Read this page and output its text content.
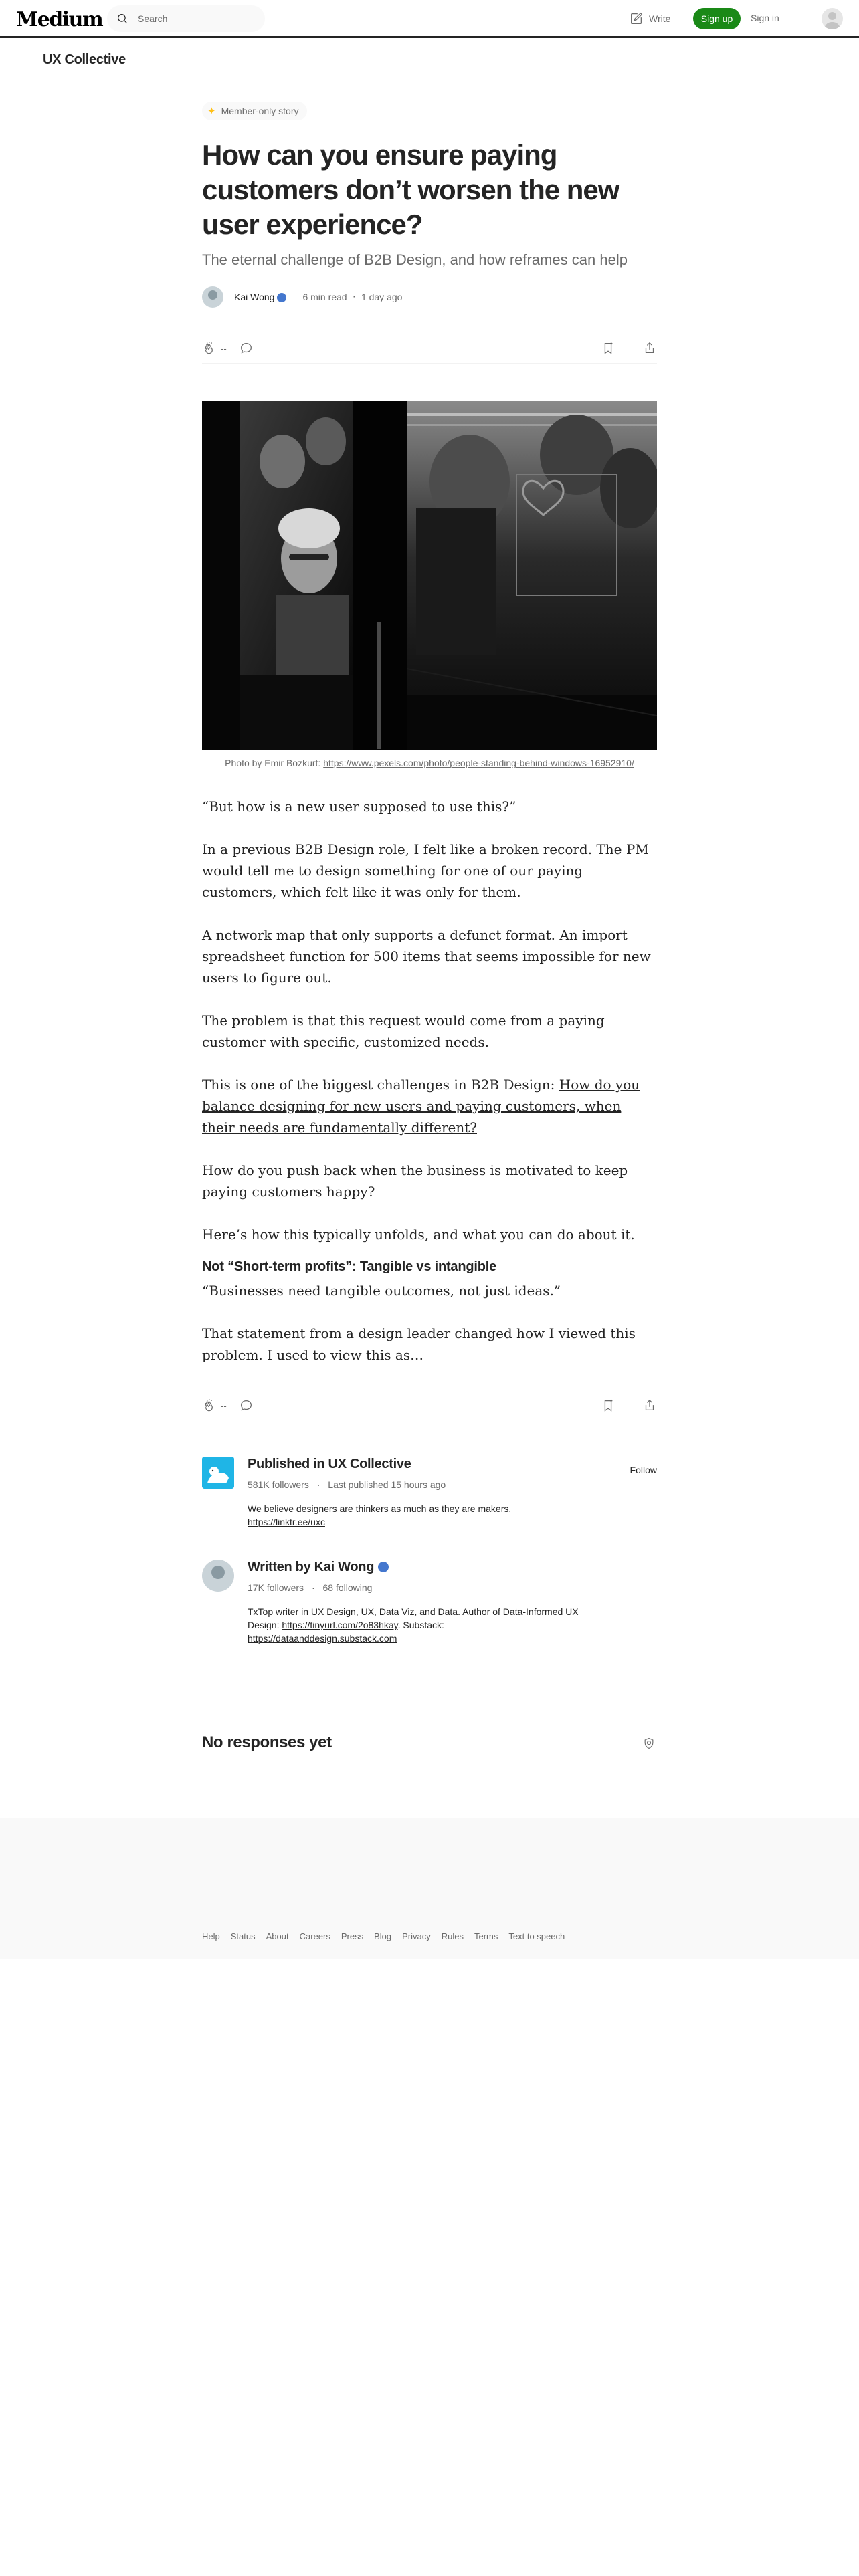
Medium	Search	Write	Sign up	Sign in
UX Collective
✦ Member-only story
How can you ensure paying customers don’t worsen the new user experience?
The eternal challenge of B2B Design, and how reframes can help
Kai Wong	6 min read · 1 day ago
--
Photo by Emir Bozkurt: https://www.pexels.com/photo/people-standing-behind-windows-16952910/

“But how is a new user supposed to use this?”

In a previous B2B Design role, I felt like a broken record. The PM would tell me to design something for one of our paying customers, which felt like it was only for them.

A network map that only supports a defunct format. An import spreadsheet function for 500 items that seems impossible for new users to figure out.

The problem is that this request would come from a paying customer with specific, customized needs.

This is one of the biggest challenges in B2B Design: How do you balance designing for new users and paying customers, when their needs are fundamentally different?

How do you push back when the business is motivated to keep paying customers happy?

Here’s how this typically unfolds, and what you can do about it.

Not “Short-term profits”: Tangible vs intangible

“Businesses need tangible outcomes, not just ideas.”

That statement from a design leader changed how I viewed this problem. I used to view this as…

--
Published in UX Collective
581K followers · Last published 15 hours ago
We believe designers are thinkers as much as they are makers.
https://linktr.ee/uxc
Follow
Written by Kai Wong
17K followers · 68 following
TxTop writer in UX Design, UX, Data Viz, and Data. Author of Data-Informed UX Design: https://tinyurl.com/2o83hkay. Substack: https://dataanddesign.substack.com
No responses yet
Help Status About Careers Press Blog Privacy Rules Terms Text to speech
